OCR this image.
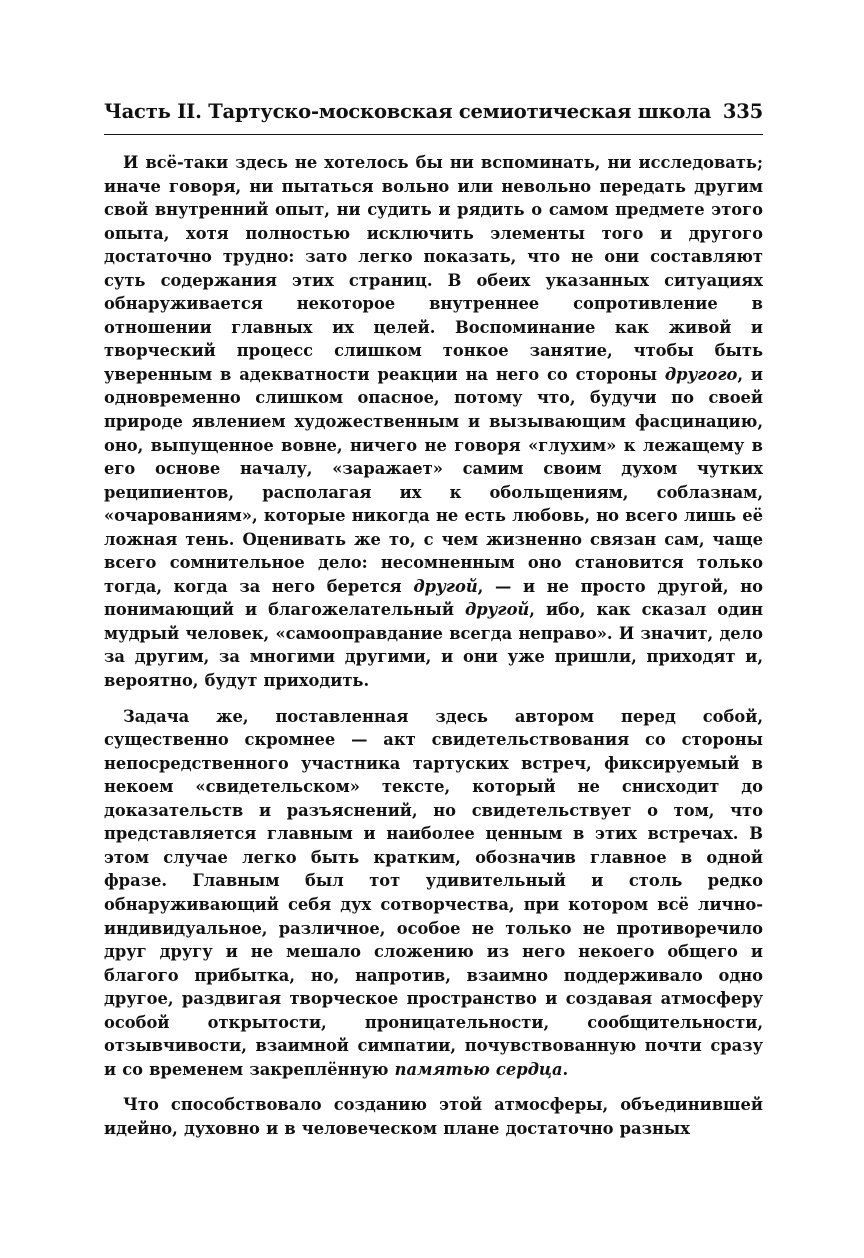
Часть II. Тартуско-московская семиотическая школа 335

И всё-таки здесь не хотелось бы ни вспоминать, ни исследовать; иначе говоря, ни пытаться вольно или невольно передать другим свой внутренний опыт, ни судить и рядить о самом предмете этого опыта, хотя полностью исключить элементы того и другого достаточно трудно: зато легко показать, что не они составляют суть содержания этих страниц. В обеих указанных ситуациях обнаруживается некоторое внутреннее сопротивление в отношении главных их целей. Воспоминание как живой и творческий процесс слишком тонкое занятие, чтобы быть уверенным в адекватности реакции на него со стороны другого, и одновременно слишком опасное, потому что, будучи по своей природе явлением художественным и вызывающим фасцинацию, оно, выпущенное вовне, ничего не говоря «глухим» к лежащему в его основе началу, «заражает» самим своим духом чутких реципиентов, располагая их к обольщениям, соблазнам, «очарованиям», которые никогда не есть любовь, но всего лишь её ложная тень. Оценивать же то, с чем жизненно связан сам, чаще всего сомнительное дело: несомненным оно становится только тогда, когда за него берется другой, — и не просто другой, но понимающий и благожелательный другой, ибо, как сказал один мудрый человек, «самооправдание всегда неправо». И значит, дело за другим, за многими другими, и они уже пришли, приходят и, вероятно, будут приходить.

Задача же, поставленная здесь автором перед собой, существенно скромнее — акт свидетельствования со стороны непосредственного участника тартуских встреч, фиксируемый в некоем «свидетельском» тексте, который не снисходит до доказательств и разъяснений, но свидетельствует о том, что представляется главным и наиболее ценным в этих встречах. В этом случае легко быть кратким, обозначив главное в одной фразе. Главным был тот удивительный и столь редко обнаруживающий себя дух сотворчества, при котором всё лично-индивидуальное, различное, особое не только не противоречило друг другу и не мешало сложению из него некоего общего и благого прибытка, но, напротив, взаимно поддерживало одно другое, раздвигая творческое пространство и создавая атмосферу особой открытости, проницательности, сообщительности, отзывчивости, взаимной симпатии, почувствованную почти сразу и со временем закреплённую памятью сердца.

Что способствовало созданию этой атмосферы, объединившей идейно, духовно и в человеческом плане достаточно разных
